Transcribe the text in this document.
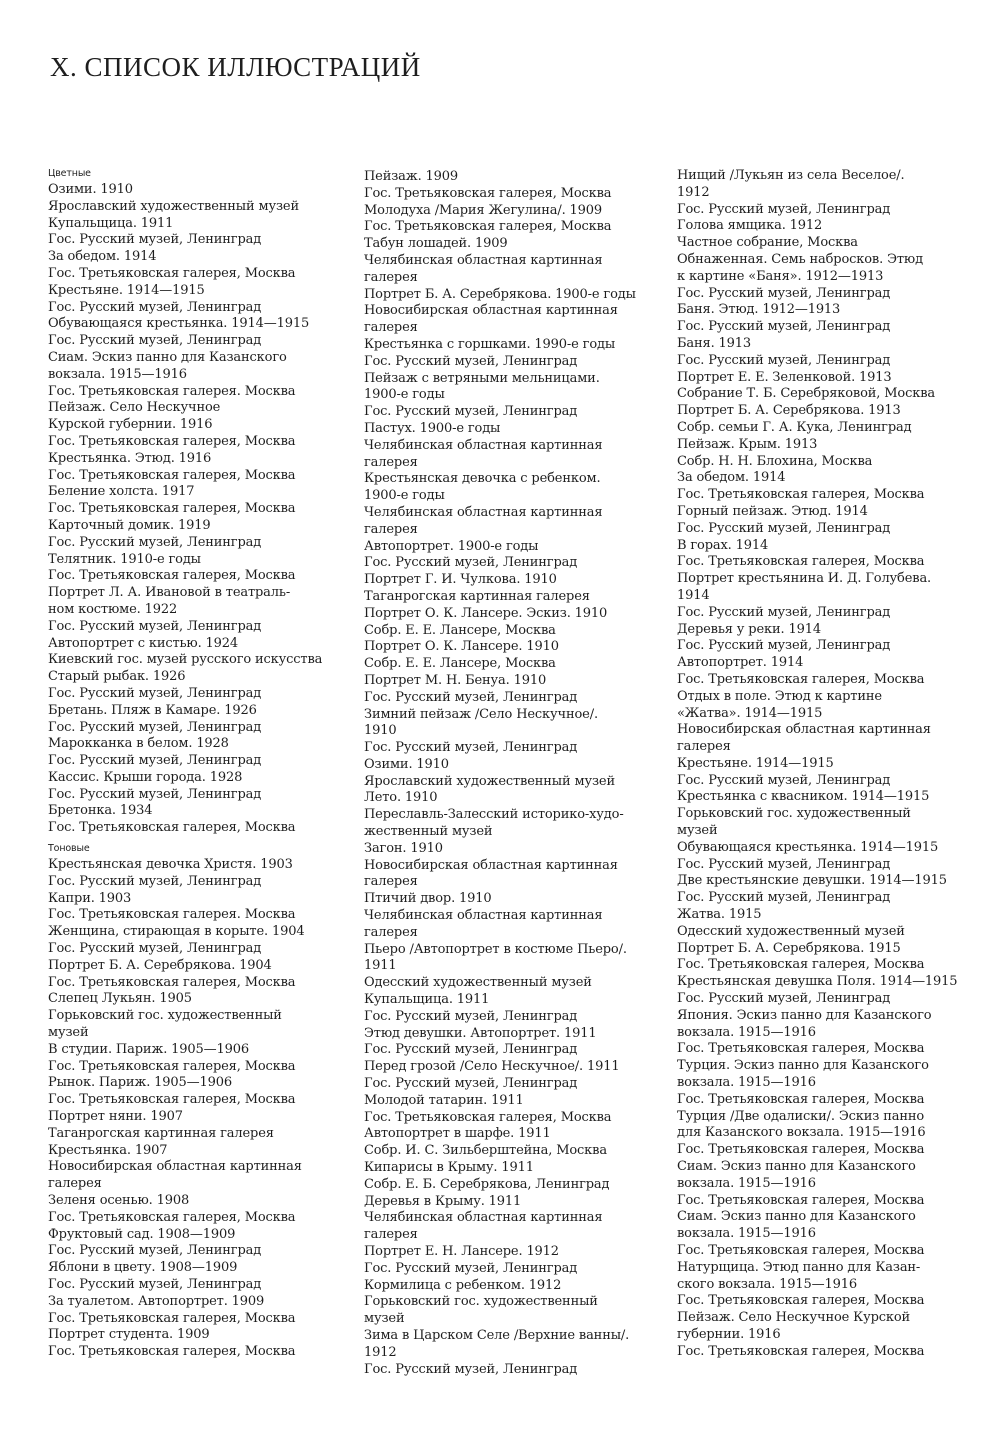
X. СПИСОК ИЛЛЮСТРАЦИЙ
Цветные
Озими. 1910
Ярославский художественный музей
Купальщица. 1911
Гос. Русский музей, Ленинград
За обедом. 1914
Гос. Третьяковская галерея, Москва
Крестьяне. 1914—1915
Гос. Русский музей, Ленинград
Обувающаяся крестьянка. 1914—1915
Гос. Русский музей, Ленинград
Сиам. Эскиз панно для Казанского
вокзала. 1915—1916
Гос. Третьяковская галерея. Москва
Пейзаж. Село Нескучное
Курской губернии. 1916
Гос. Третьяковская галерея, Москва
Крестьянка. Этюд. 1916
Гос. Третьяковская галерея, Москва
Беление холста. 1917
Гос. Третьяковская галерея, Москва
Карточный домик. 1919
Гос. Русский музей, Ленинград
Телятник. 1910-е годы
Гос. Третьяковская галерея, Москва
Портрет Л. А. Ивановой в театраль-
ном костюме. 1922
Гос. Русский музей, Ленинград
Автопортрет с кистью. 1924
Киевский гос. музей русского искусства
Старый рыбак. 1926
Гос. Русский музей, Ленинград
Бретань. Пляж в Камаре. 1926
Гос. Русский музей, Ленинград
Марокканка в белом. 1928
Гос. Русский музей, Ленинград
Кассис. Крыши города. 1928
Гос. Русский музей, Ленинград
Бретонка. 1934
Гос. Третьяковская галерея, Москва
Тоновые
Крестьянская девочка Христя. 1903
Гос. Русский музей, Ленинград
Капри. 1903
Гос. Третьяковская галерея. Москва
Женщина, стирающая в корыте. 1904
Гос. Русский музей, Ленинград
Портрет Б. А. Серебрякова. 1904
Гос. Третьяковская галерея, Москва
Слепец Лукьян. 1905
Горьковский гос. художественный
музей
В студии. Париж. 1905—1906
Гос. Третьяковская галерея, Москва
Рынок. Париж. 1905—1906
Гос. Третьяковская галерея, Москва
Портрет няни. 1907
Таганрогская картинная галерея
Крестьянка. 1907
Новосибирская областная картинная
галерея
Зеленя осенью. 1908
Гос. Третьяковская галерея, Москва
Фруктовый сад. 1908—1909
Гос. Русский музей, Ленинград
Яблони в цвету. 1908—1909
Гос. Русский музей, Ленинград
За туалетом. Автопортрет. 1909
Гос. Третьяковская галерея, Москва
Портрет студента. 1909
Гос. Третьяковская галерея, Москва
Пейзаж. 1909
Гос. Третьяковская галерея, Москва
Молодуха /Мария Жегулина/. 1909
Гос. Третьяковская галерея, Москва
Табун лошадей. 1909
Челябинская областная картинная
галерея
Портрет Б. А. Серебрякова. 1900-е годы
Новосибирская областная картинная
галерея
Крестьянка с горшками. 1990-е годы
Гос. Русский музей, Ленинград
Пейзаж с ветряными мельницами.
1900-е годы
Гос. Русский музей, Ленинград
Пастух. 1900-е годы
Челябинская областная картинная
галерея
Крестьянская девочка с ребенком.
1900-е годы
Челябинская областная картинная
галерея
Автопортрет. 1900-е годы
Гос. Русский музей, Ленинград
Портрет Г. И. Чулкова. 1910
Таганрогская картинная галерея
Портрет О. К. Лансере. Эскиз. 1910
Собр. Е. Е. Лансере, Москва
Портрет О. К. Лансере. 1910
Собр. Е. Е. Лансере, Москва
Портрет М. Н. Бенуа. 1910
Гос. Русский музей, Ленинград
Зимний пейзаж /Село Нескучное/.
1910
Гос. Русский музей, Ленинград
Озими. 1910
Ярославский художественный музей
Лето. 1910
Переславль-Залесский историко-худо-
жественный музей
Загон. 1910
Новосибирская областная картинная
галерея
Птичий двор. 1910
Челябинская областная картинная
галерея
Пьеро /Автопортрет в костюме Пьеро/.
1911
Одесский художественный музей
Купальщица. 1911
Гос. Русский музей, Ленинград
Этюд девушки. Автопортрет. 1911
Гос. Русский музей, Ленинград
Перед грозой /Село Нескучное/. 1911
Гос. Русский музей, Ленинград
Молодой татарин. 1911
Гос. Третьяковская галерея, Москва
Автопортрет в шарфе. 1911
Собр. И. С. Зильберштейна, Москва
Кипарисы в Крыму. 1911
Собр. Е. Б. Серебрякова, Ленинград
Деревья в Крыму. 1911
Челябинская областная картинная
галерея
Портрет Е. Н. Лансере. 1912
Гос. Русский музей, Ленинград
Кормилица с ребенком. 1912
Горьковский гос. художественный
музей
Зима в Царском Селе /Верхние ванны/.
1912
Гос. Русский музей, Ленинград
Нищий /Лукьян из села Веселое/.
1912
Гос. Русский музей, Ленинград
Голова ямщика. 1912
Частное собрание, Москва
Обнаженная. Семь набросков. Этюд
к картине «Баня». 1912—1913
Гос. Русский музей, Ленинград
Баня. Этюд. 1912—1913
Гос. Русский музей, Ленинград
Баня. 1913
Гос. Русский музей, Ленинград
Портрет Е. Е. Зеленковой. 1913
Собрание Т. Б. Серебряковой, Москва
Портрет Б. А. Серебрякова. 1913
Собр. семьи Г. А. Кука, Ленинград
Пейзаж. Крым. 1913
Собр. Н. Н. Блохина, Москва
За обедом. 1914
Гос. Третьяковская галерея, Москва
Горный пейзаж. Этюд. 1914
Гос. Русский музей, Ленинград
В горах. 1914
Гос. Третьяковская галерея, Москва
Портрет крестьянина И. Д. Голубева.
1914
Гос. Русский музей, Ленинград
Деревья у реки. 1914
Гос. Русский музей, Ленинград
Автопортрет. 1914
Гос. Третьяковская галерея, Москва
Отдых в поле. Этюд к картине
«Жатва». 1914—1915
Новосибирская областная картинная
галерея
Крестьяне. 1914—1915
Гос. Русский музей, Ленинград
Крестьянка с квасником. 1914—1915
Горьковский гос. художественный
музей
Обувающаяся крестьянка. 1914—1915
Гос. Русский музей, Ленинград
Две крестьянские девушки. 1914—1915
Гос. Русский музей, Ленинград
Жатва. 1915
Одесский художественный музей
Портрет Б. А. Серебрякова. 1915
Гос. Третьяковская галерея, Москва
Крестьянская девушка Поля. 1914—1915
Гос. Русский музей, Ленинград
Япония. Эскиз панно для Казанского
вокзала. 1915—1916
Гос. Третьяковская галерея, Москва
Турция. Эскиз панно для Казанского
вокзала. 1915—1916
Гос. Третьяковская галерея, Москва
Турция /Две одалиски/. Эскиз панно
для Казанского вокзала. 1915—1916
Гос. Третьяковская галерея, Москва
Сиам. Эскиз панно для Казанского
вокзала. 1915—1916
Гос. Третьяковская галерея, Москва
Сиам. Эскиз панно для Казанского
вокзала. 1915—1916
Гос. Третьяковская галерея, Москва
Натурщица. Этюд панно для Казан-
ского вокзала. 1915—1916
Гос. Третьяковская галерея, Москва
Пейзаж. Село Нескучное Курской
губернии. 1916
Гос. Третьяковская галерея, Москва
